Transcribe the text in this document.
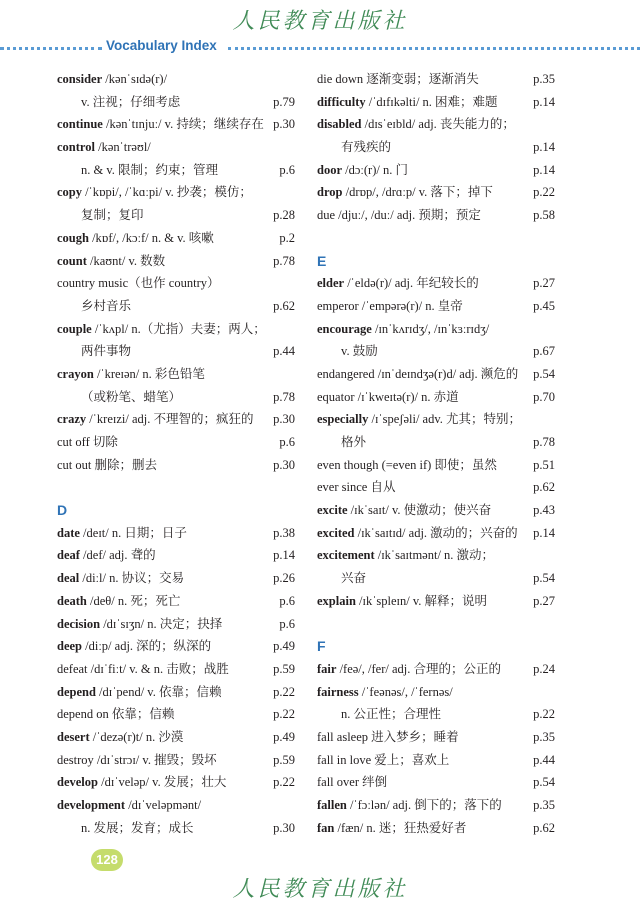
人民教育出版社
Vocabulary Index
consider /kənˈsɪdə(r)/
v. 注视；仔细考虑	p.79
continue /kənˈtɪnjuː/ v. 持续；继续存在 p.30
control /kənˈtrəʊl/
n. & v. 限制；约束；管理	p.6
copy /ˈkɒpi/, /ˈkɑːpi/ v. 抄袭；模仿；
复制；复印	p.28
cough /kɒf/, /kɔːf/ n. & v. 咳嗽	p.2
count /kaʊnt/ v. 数数	p.78
country music（也作 country）
乡村音乐	p.62
couple /ˈkʌpl/ n.（尤指）夫妻；两人；
两件事物	p.44
crayon /ˈkreɪən/ n. 彩色铅笔
（或粉笔、蜡笔）	p.78
crazy /ˈkreɪzi/ adj. 不理智的；疯狂的 p.30
cut off 切除	p.6
cut out 删除；删去	p.30
D
date /deɪt/ n. 日期；日子	p.38
deaf /def/ adj. 聋的	p.14
deal /diːl/ n. 协议；交易	p.26
death /deθ/ n. 死；死亡	p.6
decision /dɪˈsɪʒn/ n. 决定；抉择	p.6
deep /diːp/ adj. 深的；纵深的	p.49
defeat /dɪˈfiːt/ v. & n. 击败；战胜	p.59
depend /dɪˈpend/ v. 依靠；信赖	p.22
depend on 依靠；信赖	p.22
desert /ˈdezə(r)t/ n. 沙漠	p.49
destroy /dɪˈstrɔɪ/ v. 摧毁；毁坏	p.59
develop /dɪˈveləp/ v. 发展；壮大	p.22
development /dɪˈveləpmənt/
n. 发展；发育；成长	p.30
die down 逐渐变弱；逐渐消失	p.35
difficulty /ˈdɪfɪkəlti/ n. 困难；难题	p.14
disabled /dɪsˈeɪbld/ adj. 丧失能力的；
有残疾的	p.14
door /dɔː(r)/ n. 门	p.14
drop /drɒp/, /drɑːp/ v. 落下；掉下	p.22
due /djuː/, /duː/ adj. 预期；预定	p.58
E
elder /ˈeldə(r)/ adj. 年纪较长的	p.27
emperor /ˈempərə(r)/ n. 皇帝	p.45
encourage /ɪnˈkʌrɪdʒ/, /ɪnˈkɜːrɪdʒ/
v. 鼓励	p.67
endangered /ɪnˈdeɪndʒə(r)d/ adj. 濒危的 p.54
equator /ɪˈkweɪtə(r)/ n. 赤道	p.70
especially /ɪˈspeʃəli/ adv. 尤其；特别；
格外	p.78
even though (=even if) 即使；虽然	p.51
ever since 自从	p.62
excite /ɪkˈsaɪt/ v. 使激动；使兴奋	p.43
excited /ɪkˈsaɪtɪd/ adj. 激动的；兴奋的 p.14
excitement /ɪkˈsaɪtmənt/ n. 激动；
兴奋	p.54
explain /ɪkˈspleɪn/ v. 解释；说明	p.27
F
fair /feə/, /fer/ adj. 合理的；公正的	p.24
fairness /ˈfeənəs/, /ˈfernəs/
n. 公正性；合理性	p.22
fall asleep 进入梦乡；睡着	p.35
fall in love 爱上；喜欢上	p.44
fall over 绊倒	p.54
fallen /ˈfɔːlən/ adj. 倒下的；落下的	p.35
fan /fæn/ n. 迷；狂热爱好者	p.62
128
人民教育出版社
